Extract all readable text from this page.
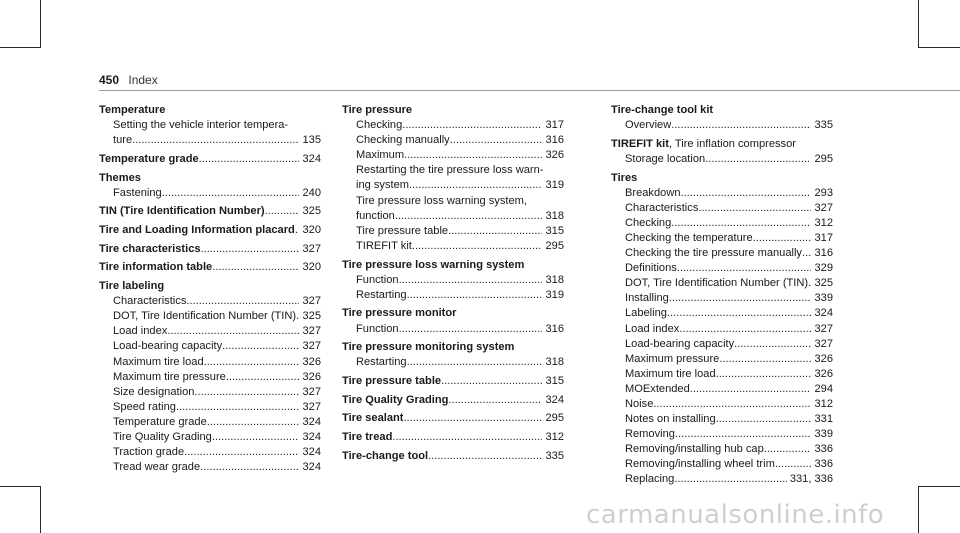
450 Index
Temperature
Setting the vehicle interior tempera-
ture .....	135
Temperature grade .....	324
Themes
Fastening .....	240
TIN (Tire Identification Number) .....	325
Tire and Loading Information placard ..... 320
Tire characteristics .....	327
Tire information table .....	320
Tire labeling
Characteristics .....	327
DOT, Tire Identification Number (TIN) ..... 325
Load index .....	327
Load-bearing capacity .....	327
Maximum tire load .....	326
Maximum tire pressure .....	326
Size designation .....	327
Speed rating .....	327
Temperature grade .....	324
Tire Quality Grading .....	324
Traction grade .....	324
Tread wear grade .....	324
Tire pressure
Checking .....	317
Checking manually .....	316
Maximum .....	326
Restarting the tire pressure loss warn-
ing system .....	319
Tire pressure loss warning system,
function .....	318
Tire pressure table .....	315
TIREFIT kit .....	295
Tire pressure loss warning system
Function .....	318
Restarting .....	319
Tire pressure monitor
Function .....	316
Tire pressure monitoring system
Restarting .....	318
Tire pressure table .....	315
Tire Quality Grading .....	324
Tire sealant .....	295
Tire tread .....	312
Tire-change tool .....	335
Tire-change tool kit
Overview .....	335
TIREFIT kit, Tire inflation compressor
Storage location .....	295
Tires
Breakdown .....	293
Characteristics .....	327
Checking .....	312
Checking the temperature .....	317
Checking the tire pressure manually ..... 316
Definitions .....	329
DOT, Tire Identification Number (TIN) ..... 325
Installing .....	339
Labeling .....	324
Load index .....	327
Load-bearing capacity .....	327
Maximum pressure .....	326
Maximum tire load .....	326
MOExtended .....	294
Noise .....	312
Notes on installing .....	331
Removing .....	339
Removing/installing hub cap .....	336
Removing/installing wheel trim .....	336
Replacing .....	331, 336
carmanualsonline.info
